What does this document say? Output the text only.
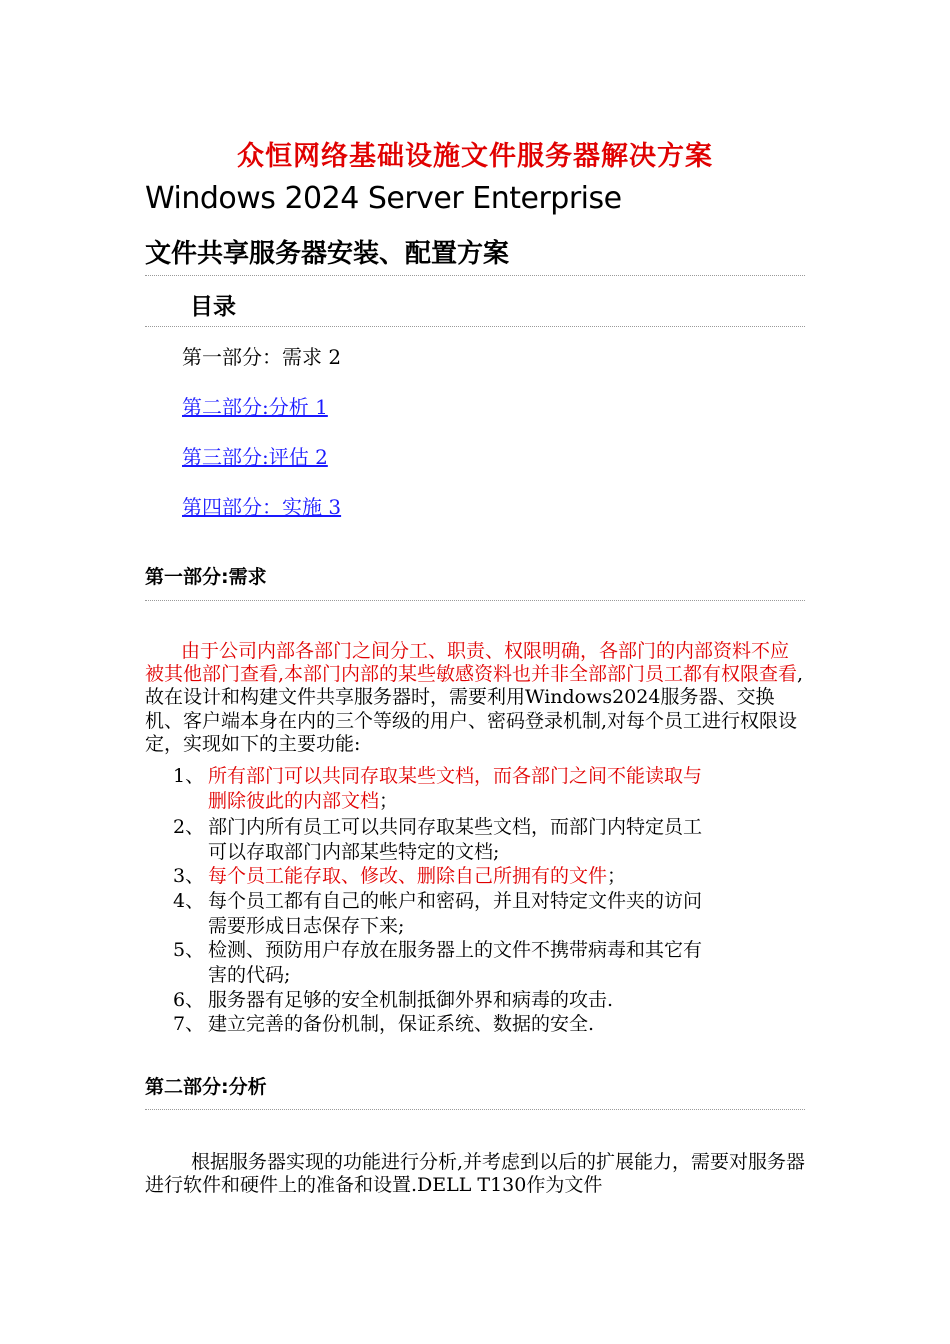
众恒网络基础设施文件服务器解决方案
Windows 2024 Server Enterprise
文件共享服务器安装、配置方案
目录
第一部分：需求 2
第二部分:分析 1
第三部分:评估 2
第四部分：实施 3
第一部分:需求
由于公司内部各部门之间分工、职责、权限明确，各部门的内部资料不应被其他部门查看,本部门内部的某些敏感资料也并非全部部门员工都有权限查看,故在设计和构建文件共享服务器时，需要利用Windows2024服务器、交换机、客户端本身在内的三个等级的用户、密码登录机制,对每个员工进行权限设定，实现如下的主要功能:
1、 所有部门可以共同存取某些文档，而各部门之间不能读取与
删除彼此的内部文档；
2、 部门内所有员工可以共同存取某些文档，而部门内特定员工
可以存取部门内部某些特定的文档;
3、 每个员工能存取、修改、删除自己所拥有的文件；
4、 每个员工都有自己的帐户和密码，并且对特定文件夹的访问
需要形成日志保存下来;
5、 检测、预防用户存放在服务器上的文件不携带病毒和其它有
害的代码;
6、 服务器有足够的安全机制抵御外界和病毒的攻击.
7、 建立完善的备份机制，保证系统、数据的安全.
第二部分:分析
根据服务器实现的功能进行分析,并考虑到以后的扩展能力，需要对服务器进行软件和硬件上的准备和设置.DELL T130作为文件
